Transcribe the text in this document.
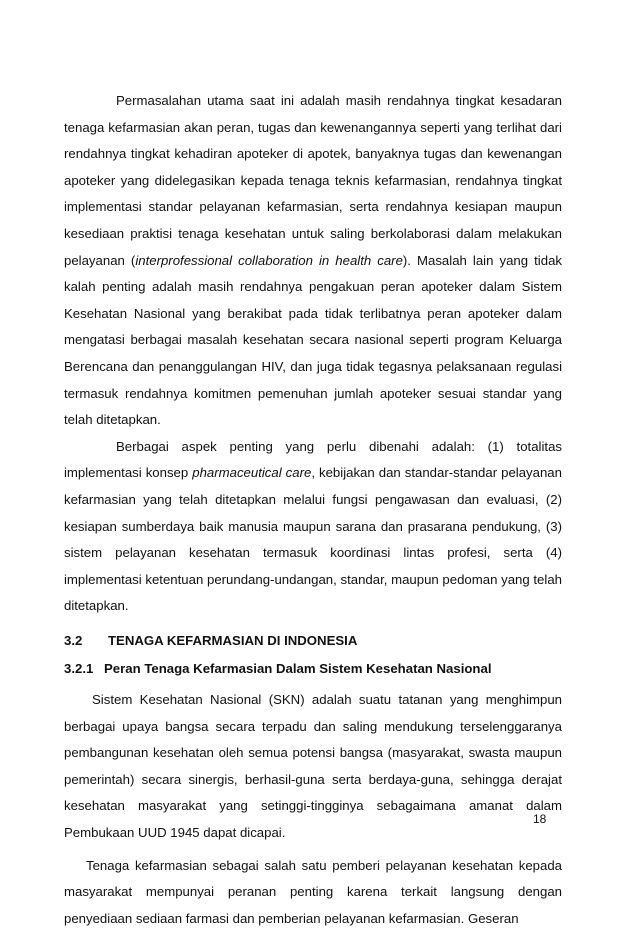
Permasalahan utama saat ini adalah masih rendahnya tingkat kesadaran tenaga kefarmasian akan peran, tugas dan kewenangannya seperti yang terlihat dari rendahnya tingkat kehadiran apoteker di apotek, banyaknya tugas dan kewenangan apoteker yang didelegasikan kepada tenaga teknis kefarmasian, rendahnya tingkat implementasi standar pelayanan kefarmasian, serta rendahnya kesiapan maupun kesediaan praktisi tenaga kesehatan untuk saling berkolaborasi dalam melakukan pelayanan (interprofessional collaboration in health care). Masalah lain yang tidak kalah penting adalah masih rendahnya pengakuan peran apoteker dalam Sistem Kesehatan Nasional yang berakibat pada tidak terlibatnya peran apoteker dalam mengatasi berbagai masalah kesehatan secara nasional seperti program Keluarga Berencana dan penanggulangan HIV, dan juga tidak tegasnya pelaksanaan regulasi termasuk rendahnya komitmen pemenuhan jumlah apoteker sesuai standar yang telah ditetapkan.

Berbagai aspek penting yang perlu dibenahi adalah: (1) totalitas implementasi konsep pharmaceutical care, kebijakan dan standar-standar pelayanan kefarmasian yang telah ditetapkan melalui fungsi pengawasan dan evaluasi, (2) kesiapan sumberdaya baik manusia maupun sarana dan prasarana pendukung, (3) sistem pelayanan kesehatan termasuk koordinasi lintas profesi, serta (4) implementasi ketentuan perundang-undangan, standar, maupun pedoman yang telah ditetapkan.

3.2 TENAGA KEFARMASIAN DI INDONESIA
3.2.1 Peran Tenaga Kefarmasian Dalam Sistem Kesehatan Nasional

Sistem Kesehatan Nasional (SKN) adalah suatu tatanan yang menghimpun berbagai upaya bangsa secara terpadu dan saling mendukung terselenggaranya pembangunan kesehatan oleh semua potensi bangsa (masyarakat, swasta maupun pemerintah) secara sinergis, berhasil-guna serta berdaya-guna, sehingga derajat kesehatan masyarakat yang setinggi-tingginya sebagaimana amanat dalam Pembukaan UUD 1945 dapat dicapai.

Tenaga kefarmasian sebagai salah satu pemberi pelayanan kesehatan kepada masyarakat mempunyai peranan penting karena terkait langsung dengan penyediaan sediaan farmasi dan pemberian pelayanan kefarmasian. Geseran

18
